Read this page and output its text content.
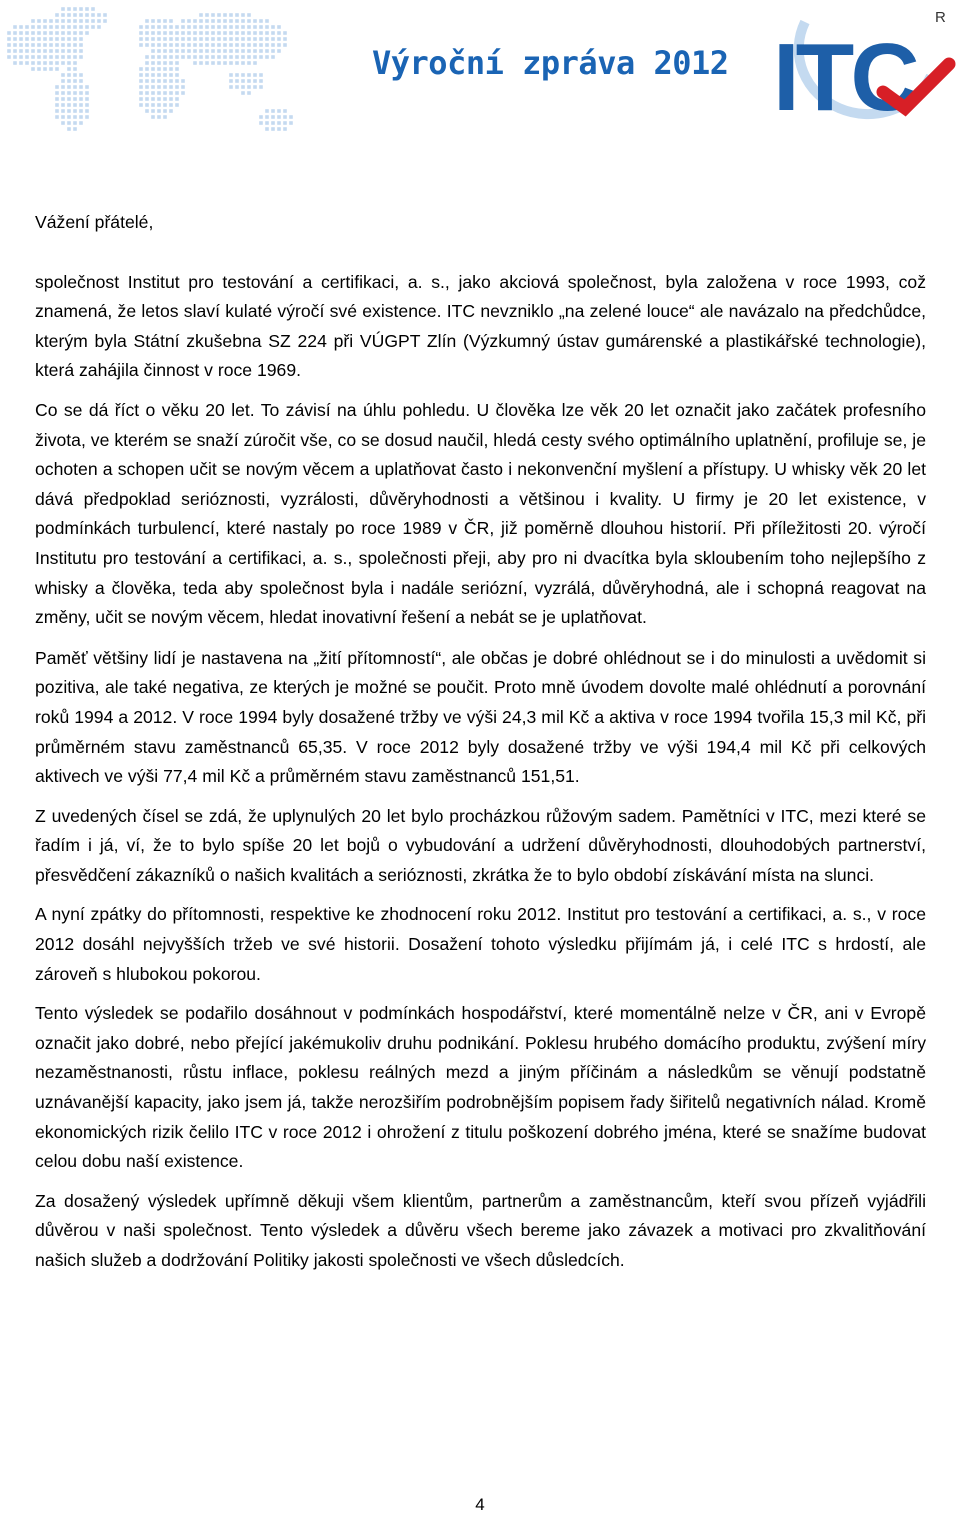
Výroční zpráva 2012 ITC
R

Vážení přátelé,

společnost Institut pro testování a certifikaci, a. s., jako akciová společnost, byla založena v roce 1993, což znamená, že letos slaví kulaté výročí své existence. ITC nevzniklo „na zelené louce“ ale navázalo na předchůdce, kterým byla Státní zkušebna SZ 224 při VÚGPT Zlín (Výzkumný ústav gumárenské a plastikářské technologie), která zahájila činnost v roce 1969.

Co se dá říct o věku 20 let. To závisí na úhlu pohledu. U člověka lze věk 20 let označit jako začátek profesního života, ve kterém se snaží zúročit vše, co se dosud naučil, hledá cesty svého optimálního uplatnění, profiluje se, je ochoten a schopen učit se novým věcem a uplatňovat často i nekonvenční myšlení a přístupy. U whisky věk 20 let dává předpoklad serióznosti, vyzrálosti, důvěryhodnosti a většinou i kvality. U firmy je 20 let existence, v podmínkách turbulencí, které nastaly po roce 1989 v ČR, již poměrně dlouhou historií. Při příležitosti 20. výročí Institutu pro testování a certifikaci, a. s., společnosti přeji, aby pro ni dvacítka byla skloubením toho nejlepšího z whisky a člověka, teda aby společnost byla i nadále seriózní, vyzrálá, důvěryhodná, ale i schopná reagovat na změny, učit se novým věcem, hledat inovativní řešení a nebát se je uplatňovat.

Paměť většiny lidí je nastavena na „žití přítomností“, ale občas je dobré ohlédnout se i do minulosti a uvědomit si pozitiva, ale také negativa, ze kterých je možné se poučit. Proto mně úvodem dovolte malé ohlédnutí a porovnání roků 1994 a 2012. V roce 1994 byly dosažené tržby ve výši 24,3 mil Kč a aktiva v roce 1994 tvořila 15,3 mil Kč, při průměrném stavu zaměstnanců 65,35. V roce 2012 byly dosažené tržby ve výši 194,4 mil Kč při celkových aktivech ve výši 77,4 mil Kč a průměrném stavu zaměstnanců 151,51.

Z uvedených čísel se zdá, že uplynulých 20 let bylo procházkou růžovým sadem. Pamětníci v ITC, mezi které se řadím i já, ví, že to bylo spíše 20 let bojů o vybudování a udržení důvěryhodnosti, dlouhodobých partnerství, přesvědčení zákazníků o našich kvalitách a serióznosti, zkrátka že to bylo období získávání místa na slunci.

A nyní zpátky do přítomnosti, respektive ke zhodnocení roku 2012. Institut pro testování a certifikaci, a. s., v roce 2012 dosáhl nejvyšších tržeb ve své historii. Dosažení tohoto výsledku přijímám já, i celé ITC s hrdostí, ale zároveň s hlubokou pokorou.

Tento výsledek se podařilo dosáhnout v podmínkách hospodářství, které momentálně nelze v ČR, ani v Evropě označit jako dobré, nebo přející jakémukoliv druhu podnikání. Poklesu hrubého domácího produktu, zvýšení míry nezaměstnanosti, růstu inflace, poklesu reálných mezd a jiným příčinám a následkům se věnují podstatně uznávanější kapacity, jako jsem já, takže nerozšiřím podrobnějším popisem řady šiřitelů negativních nálad. Kromě ekonomických rizik čelilo ITC v roce 2012 i ohrožení z titulu poškození dobrého jména, které se snažíme budovat celou dobu naší existence.

Za dosažený výsledek upřímně děkuji všem klientům, partnerům a zaměstnancům, kteří svou přízeň vyjádřili důvěrou v naši společnost. Tento výsledek a důvěru všech bereme jako závazek a motivaci pro zkvalitňování našich služeb a dodržování Politiky jakosti společnosti ve všech důsledcích.

4
